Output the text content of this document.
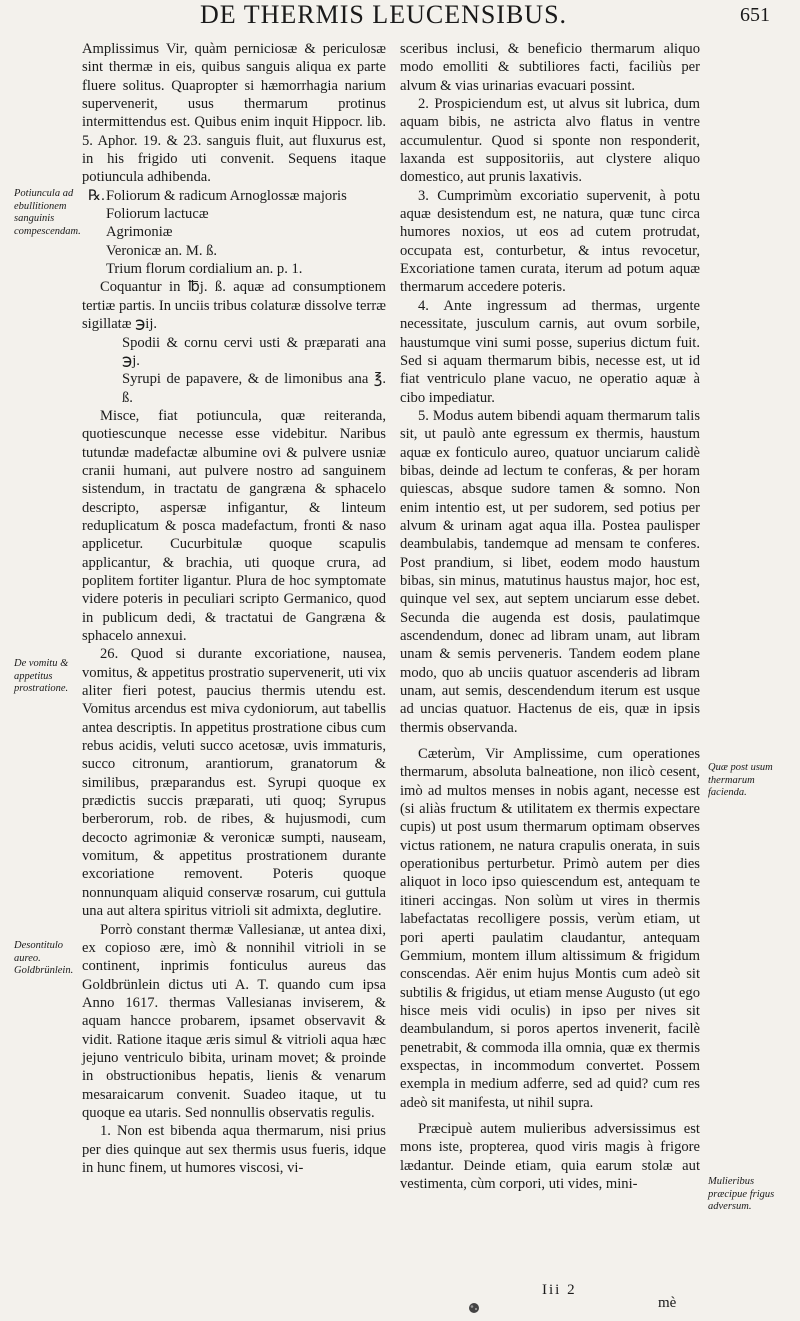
DE THERMIS LEUCENSIBUS.	651

Amplissimus Vir, quàm perniciosæ & periculosæ sint thermæ in eis, quibus sanguis aliqua ex parte fluere solitus. Quapropter si hæmorrhagia narium supervenerit, usus thermarum protinus intermittendus est. Quibus enim inquit Hippocr. lib. 5. Aphor. 19. & 23. sanguis fluit, aut fluxurus est, in his frigido uti convenit. Sequens itaque potiuncula adhibenda.

℞.Foliorum & radicum Arnoglossæ majoris
Foliorum lactucæ
Agrimoniæ
Veronicæ an. M. ß.
Trium florum cordialium an. p. 1.

Coquantur in ℔j. ß. aquæ ad consumptionem tertiæ partis. In unciis tribus colaturæ dissolve terræ sigillatæ ℈ij.

Spodii & cornu cervi usti & præparati ana ℈j.
Syrupi de papavere, & de limonibus ana ℥. ß.

Misce, fiat potiuncula, quæ reiteranda, quotiescunque necesse esse videbitur. Naribus tutundæ madefactæ albumine ovi & pulvere usniæ cranii humani, aut pulvere nostro ad sanguinem sistendum, in tractatu de gangræna & sphacelo descripto, aspersæ infigantur, & linteum reduplicatum & posca madefactum, fronti & naso applicetur. Cucurbitulæ quoque scapulis applicantur, & brachia, uti quoque crura, ad poplitem fortiter ligantur. Plura de hoc symptomate videre poteris in peculiari scripto Germanico, quod in publicum dedi, & tractatui de Gangræna & sphacelo annexui.

26. Quod si durante excoriatione, nausea, vomitus, & appetitus prostratio supervenerit, uti vix aliter fieri potest, paucius thermis utendu est. Vomitus arcendus est miva cydoniorum, aut tabellis antea descriptis. In appetitus prostratione cibus cum rebus acidis, veluti succo acetosæ, uvis immaturis, succo citronum, arantiorum, granatorum & similibus, præparandus est. Syrupi quoque ex prædictis succis præparati, uti quoq; Syrupus berberorum, rob. de ribes, & hujusmodi, cum decocto agrimoniæ & veronicæ sumpti, nauseam, vomitum, & appetitus prostrationem durante excoriatione removent. Poteris quoque nonnunquam aliquid conservæ rosarum, cui guttula una aut altera spiritus vitrioli sit admixta, deglutire.

Porrò constant thermæ Vallesianæ, ut antea dixi, ex copioso ære, imò & nonnihil vitrioli in se continent, inprimis fonticulus aureus das Goldbrünlein dictus uti A. T. quando cum ipsa Anno 1617. thermas Vallesianas inviserem, & aquam hancce probarem, ipsamet observavit & vidit. Ratione itaque æris simul & vitrioli aqua hæc jejuno ventriculo bibita, urinam movet; & proinde in obstructionibus hepatis, lienis & venarum mesaraicarum convenit. Suadeo itaque, ut tu quoque ea utaris. Sed nonnullis observatis regulis.

1. Non est bibenda aqua thermarum, nisi prius per dies quinque aut sex thermis usus fueris, idque in hunc finem, ut humores viscosi, vi-

sceribus inclusi, & beneficio thermarum aliquo modo emolliti & subtiliores facti, faciliùs per alvum & vias urinarias evacuari possint.

2. Prospiciendum est, ut alvus sit lubrica, dum aquam bibis, ne astricta alvo flatus in ventre accumulentur. Quod si sponte non responderit, laxanda est suppositoriis, aut clystere aliquo domestico, aut prunis laxativis.

3. Cumprimùm excoriatio supervenit, à potu aquæ desistendum est, ne natura, quæ tunc circa humores noxios, ut eos ad cutem protrudat, occupata est, conturbetur, & intus revocetur, Excoriatione tamen curata, iterum ad potum aquæ thermarum accedere poteris.

4. Ante ingressum ad thermas, urgente necessitate, jusculum carnis, aut ovum sorbile, haustumque vini sumi posse, superius dictum fuit. Sed si aquam thermarum bibis, necesse est, ut id fiat ventriculo plane vacuo, ne operatio aquæ à cibo impediatur.

5. Modus autem bibendi aquam thermarum talis sit, ut paulò ante egressum ex thermis, haustum aquæ ex fonticulo aureo, quatuor unciarum calidè bibas, deinde ad lectum te conferas, & per horam quiescas, absque sudore tamen & somno. Non enim intentio est, ut per sudorem, sed potius per alvum & urinam agat aqua illa. Postea paulisper deambulabis, tandemque ad mensam te conferes. Post prandium, si libet, eodem modo haustum bibas, sin minus, matutinus haustus major, hoc est, quinque vel sex, aut septem unciarum esse debet. Secunda die augenda est dosis, paulatimque ascendendum, donec ad libram unam, aut libram unam & semis perveneris. Tandem eodem plane modo, quo ab unciis quatuor ascenderis ad libram unam, aut semis, descendendum iterum est usque ad uncias quatuor. Hactenus de eis, quæ in ipsis thermis observanda.

Cæterùm, Vir Amplissime, cum operationes thermarum, absoluta balneatione, non ilicò cesent, imò ad multos menses in nobis agant, necesse est (si aliàs fructum & utilitatem ex thermis expectare cupis) ut post usum thermarum optimam observes victus rationem, ne natura crapulis onerata, in suis operationibus perturbetur. Primò autem per dies aliquot in loco ipso quiescendum est, antequam te itineri accingas. Non solùm ut vires in thermis labefactatas recolligere possis, verùm etiam, ut pori aperti paulatim claudantur, antequam Gemmium, montem illum altissimum & frigidum conscendas. Aër enim hujus Montis cum adeò sit subtilis & frigidus, ut etiam mense Augusto (ut ego hisce meis vidi oculis) in ipso per nives sit deambulandum, si poros apertos invenerit, facilè penetrabit, & commoda illa omnia, quæ ex thermis exspectas, in incommodum convertet. Possem exempla in medium adferre, sed ad quid? cum res adeò sit manifesta, ut nihil supra.

Præcipuè autem mulieribus adversissimus est mons iste, propterea, quod viris magis à frigore lædantur. Deinde etiam, quia earum stolæ aut vestimenta, cùm corpori, uti vides, mini-

Potiuncula ad ebullitionem sanguinis compescendam.
De vomitu & appetitus prostratione.
Desontitulo aureo. Goldbrünlein.
Quæ post usum thermarum facienda.
Mulieribus præcipue frigus adversum.
Iii 2
mè
